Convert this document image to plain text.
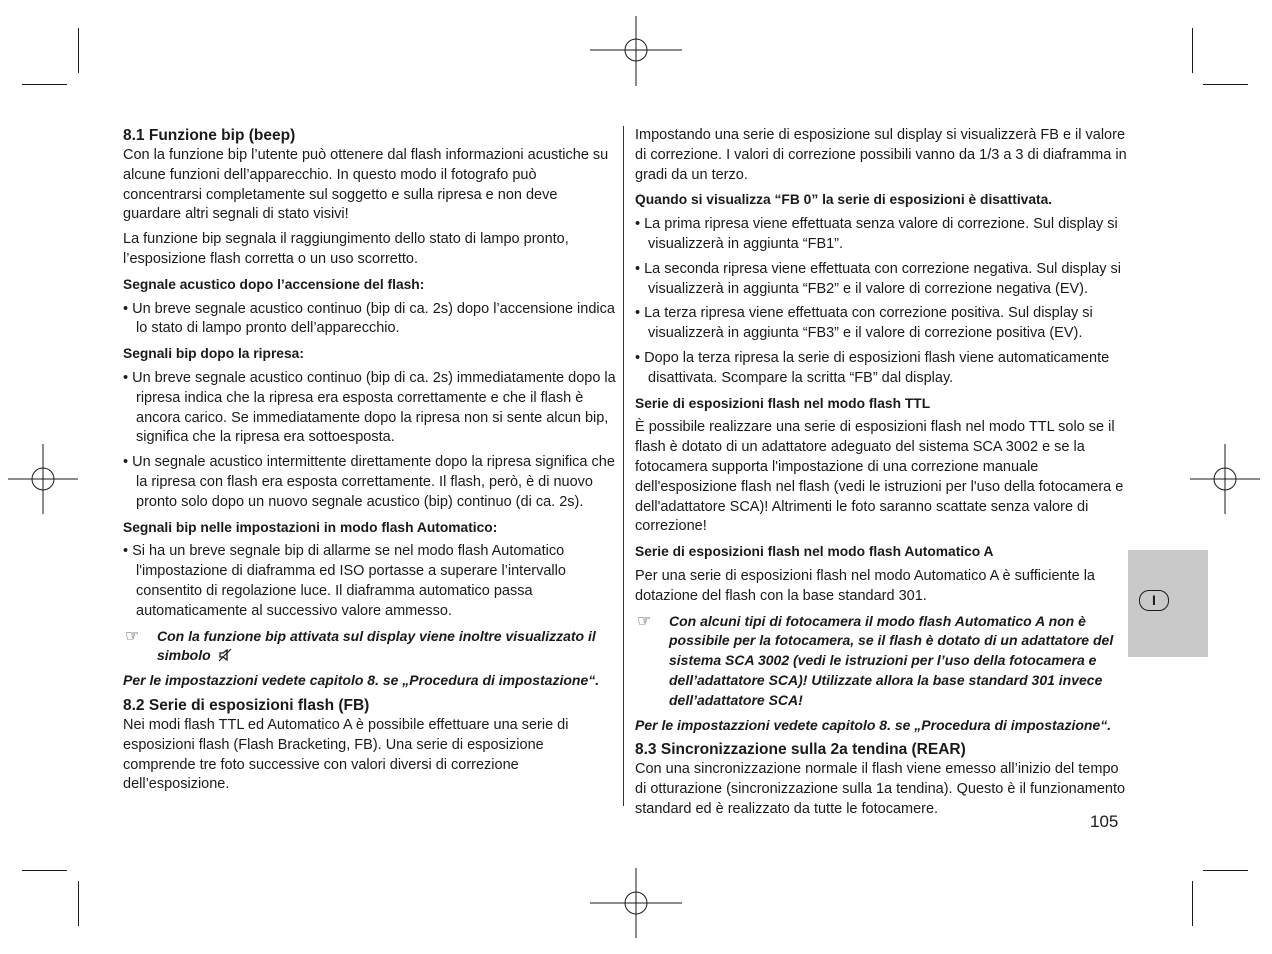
8.1 Funzione bip (beep)

Con la funzione bip l’utente può ottenere dal flash informazioni acustiche su alcune funzioni dell’apparecchio. In questo modo il fotografo può concentrarsi completamente sul soggetto e sulla ripresa e non deve guardare altri segnali di stato visivi!

La funzione bip segnala il raggiungimento dello stato di lampo pronto, l’esposizione flash corretta o un uso scorretto.

Segnale acustico dopo l’accensione del flash:

• Un breve segnale acustico continuo (bip di ca. 2s) dopo l’accensione indica lo stato di lampo pronto dell’apparecchio.

Segnali bip dopo la ripresa:

• Un breve segnale acustico continuo (bip di ca. 2s) immediatamente dopo la ripresa indica che la ripresa era esposta correttamente e che il flash è ancora carico. Se immediatamente dopo la ripresa non si sente alcun bip, significa che la ripresa era sottoesposta.

• Un segnale acustico intermittente direttamente dopo la ripresa significa che la ripresa con flash era esposta correttamente. Il flash, però, è di nuovo pronto solo dopo un nuovo segnale acustico (bip) continuo (di ca. 2s).

Segnali bip nelle impostazioni in modo flash Automatico:

• Si ha un breve segnale bip di allarme se nel modo flash Automatico l'impostazione di diaframma ed ISO portasse a superare l’intervallo consentito di regolazione luce. Il diaframma automatico passa automaticamente al successivo valore ammesso.

☞	Con la funzione bip attivata sul display viene inoltre visualizzato il simbolo

Per le impostazzioni vedete capitolo 8. se „Procedura di impostazione“.

8.2 Serie di esposizioni flash (FB)

Nei modi flash TTL ed Automatico A è possibile effettuare una serie di esposizioni flash (Flash Bracketing, FB). Una serie di esposizione comprende tre foto successive con valori diversi di correzione dell’esposizione.

Impostando una serie di esposizione sul display si visualizzerà FB e il valore di correzione. I valori di correzione possibili vanno da 1/3 a 3 di diaframma in gradi da un terzo.

Quando si visualizza “FB 0” la serie di esposizioni è disattivata.

• La prima ripresa viene effettuata senza valore di correzione. Sul display si visualizzerà in aggiunta “FB1”.

• La seconda ripresa viene effettuata con correzione negativa. Sul display si visualizzerà in aggiunta “FB2” e il valore di correzione negativa (EV).

• La terza ripresa viene effettuata con correzione positiva. Sul display si visualizzerà in aggiunta “FB3” e il valore di correzione positiva (EV).

• Dopo la terza ripresa la serie di esposizioni flash viene automaticamente disattivata. Scompare la scritta “FB” dal display.

Serie di esposizioni flash nel modo flash TTL

È possibile realizzare una serie di esposizioni flash nel modo TTL solo se il flash è dotato di un adattatore adeguato del sistema SCA 3002 e se la fotocamera supporta l'impostazione di una correzione manuale dell'esposizione flash nel flash (vedi le istruzioni per l'uso della fotocamera e dell'adattatore SCA)! Altrimenti le foto saranno scattate senza valore di correzione!

Serie di esposizioni flash nel modo flash Automatico A

Per una serie di esposizioni flash nel modo Automatico A è sufficiente la dotazione del flash con la base standard 301.

☞	Con alcuni tipi di fotocamera il modo flash Automatico A non è possibile per la fotocamera, se il flash è dotato di un adattatore del sistema SCA 3002 (vedi le istruzioni per l’uso della fotocamera e dell’adattatore SCA)! Utilizzate allora la base standard 301 invece dell’adattatore SCA!

Per le impostazzioni vedete capitolo 8. se „Procedura di impostazione“.

8.3 Sincronizzazione sulla 2a tendina (REAR)

Con una sincronizzazione normale il flash viene emesso all’inizio del tempo di otturazione (sincronizzazione sulla 1a tendina). Questo è il funzionamento standard ed è realizzato da tutte le fotocamere.

I
105
